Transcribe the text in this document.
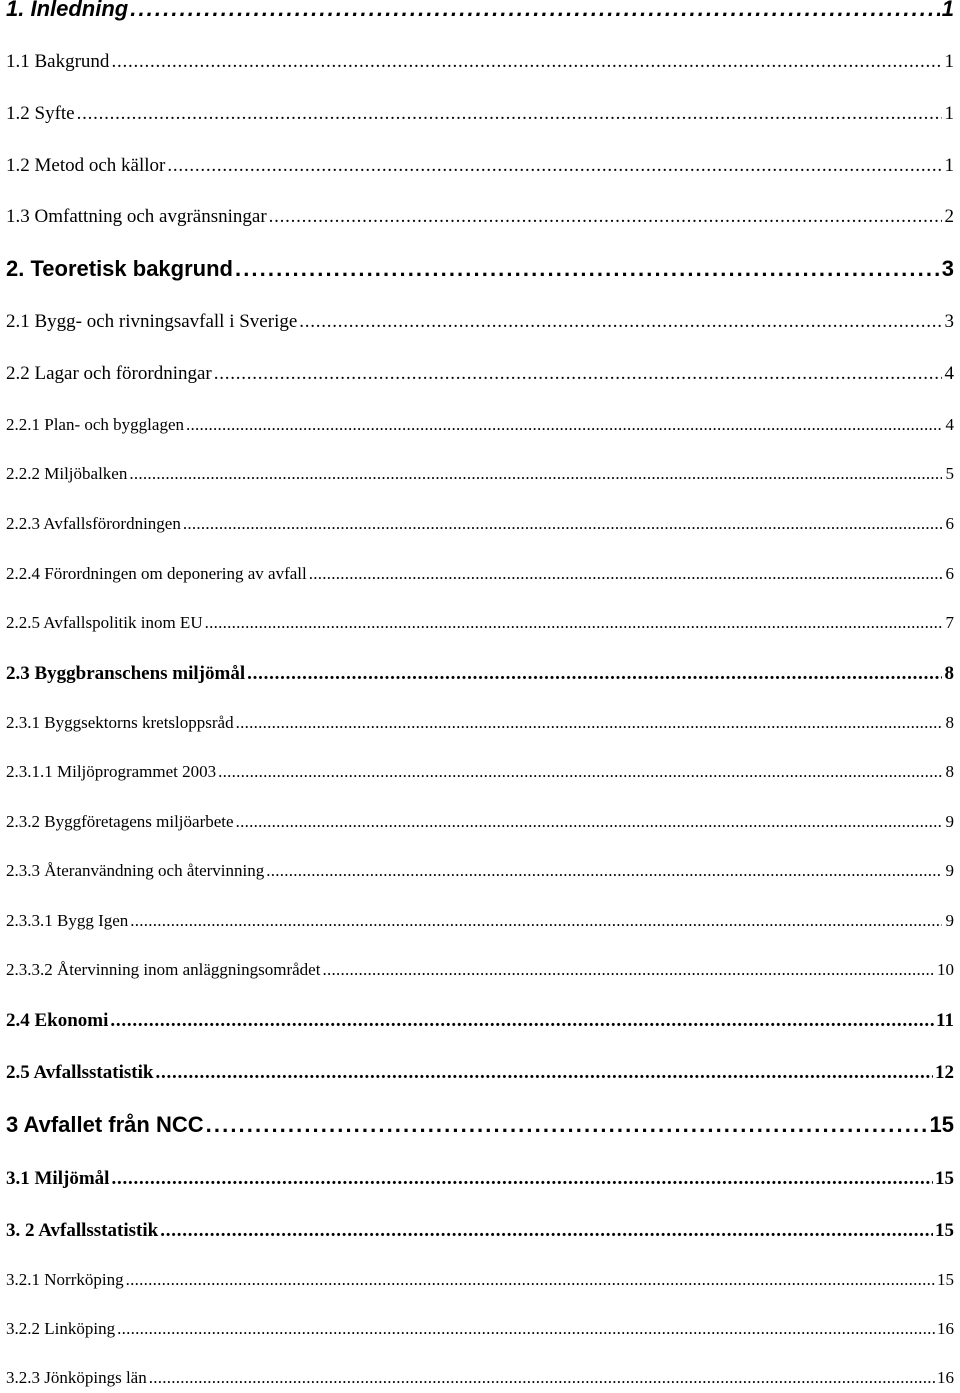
1. Inledning . . .	1
1.1 Bakgrund . . .	1
1.2 Syfte . . .	1
1.2 Metod och källor . . .	1
1.3 Omfattning och avgränsningar . . .	2
2. Teoretisk bakgrund . . .	3
2.1 Bygg- och rivningsavfall i Sverige . . .	3
2.2 Lagar och förordningar . . .	4
2.2.1 Plan- och bygglagen . . .	4
2.2.2 Miljöbalken . . .	5
2.2.3 Avfallsförordningen . . .	6
2.2.4 Förordningen om deponering av avfall . . .	6
2.2.5 Avfallspolitik inom EU . . .	7
2.3 Byggbranschens miljömål . . .	8
2.3.1 Byggsektorns kretsloppsråd . . .	8
2.3.1.1 Miljöprogrammet 2003 . . .	8
2.3.2 Byggföretagens miljöarbete . . .	9
2.3.3 Återanvändning och återvinning . . .	9
2.3.3.1 Bygg Igen . . .	9
2.3.3.2 Återvinning inom anläggningsområdet . . .	10
2.4 Ekonomi . . .	11
2.5 Avfallsstatistik . . .	12
3 Avfallet från NCC . . .	15
3.1 Miljömål . . .	15
3. 2 Avfallsstatistik . . .	15
3.2.1 Norrköping . . .	15
3.2.2 Linköping . . .	16
3.2.3 Jönköpings län . . .	16
